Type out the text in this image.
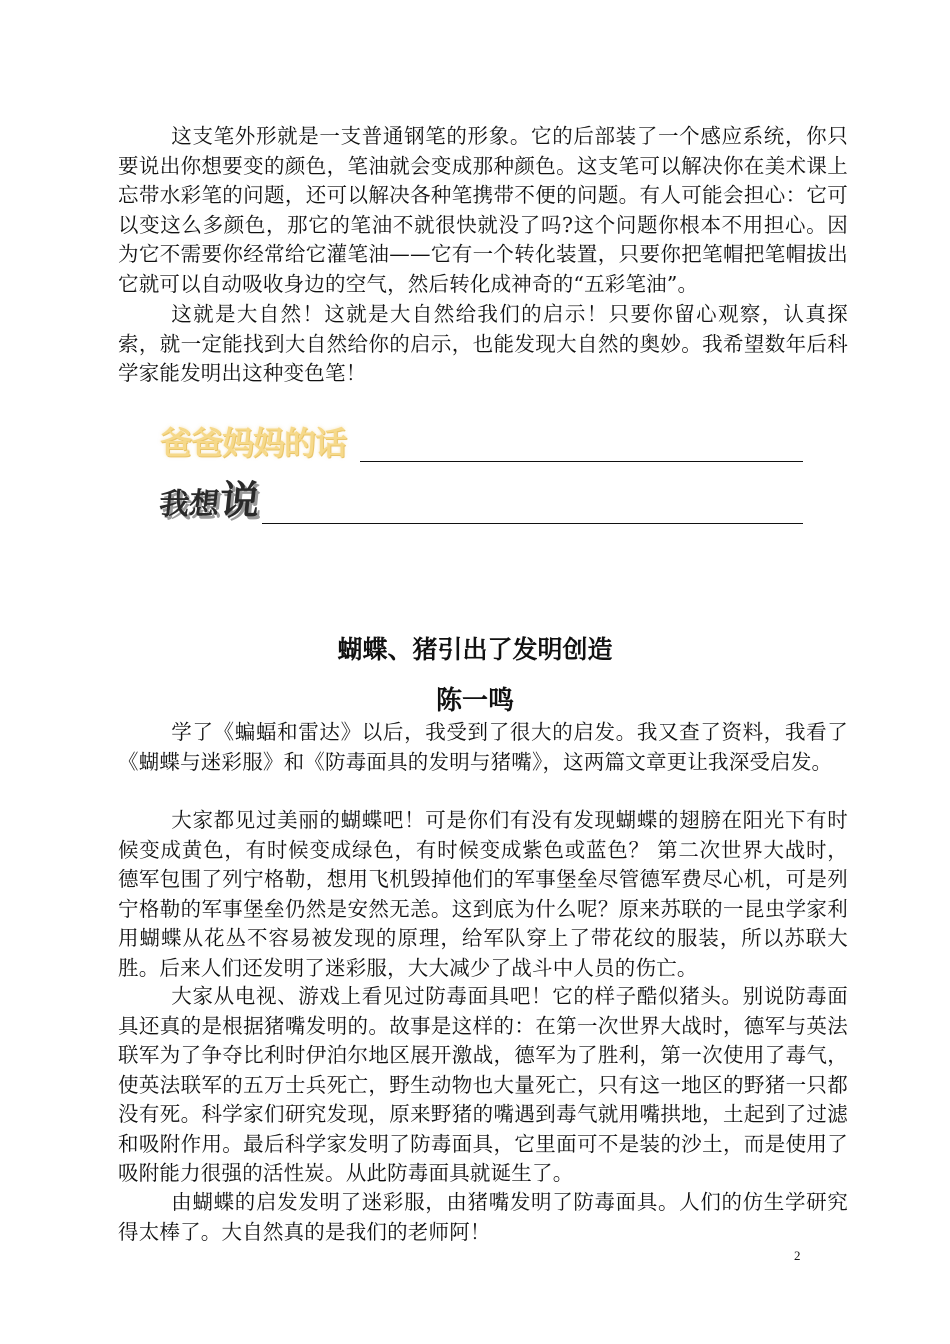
这支笔外形就是一支普通钢笔的形象。它的后部装了一个感应系统，你只要说出你想要变的颜色，笔油就会变成那种颜色。这支笔可以解决你在美术课上忘带水彩笔的问题，还可以解决各种笔携带不便的问题。有人可能会担心：它可以变这么多颜色，那它的笔油不就很快就没了吗?这个问题你根本不用担心。因为它不需要你经常给它灌笔油——它有一个转化装置，只要你把笔帽把笔帽拔出它就可以自动吸收身边的空气，然后转化成神奇的“五彩笔油”。

这就是大自然！这就是大自然给我们的启示！只要你留心观察，认真探索，就一定能找到大自然给你的启示，也能发现大自然的奥妙。我希望数年后科学家能发明出这种变色笔！

爸爸妈妈的话
我想说
蝴蝶、猪引出了发明创造
陈一鸣

学了《蝙蝠和雷达》以后，我受到了很大的启发。我又查了资料，我看了《蝴蝶与迷彩服》和《防毒面具的发明与猪嘴》，这两篇文章更让我深受启发。

大家都见过美丽的蝴蝶吧！可是你们有没有发现蝴蝶的翅膀在阳光下有时候变成黄色，有时候变成绿色，有时候变成紫色或蓝色？ 第二次世界大战时，德军包围了列宁格勒，想用飞机毁掉他们的军事堡垒尽管德军费尽心机，可是列宁格勒的军事堡垒仍然是安然无恙。这到底为什么呢？原来苏联的一昆虫学家利用蝴蝶从花丛不容易被发现的原理，给军队穿上了带花纹的服装，所以苏联大胜。后来人们还发明了迷彩服，大大减少了战斗中人员的伤亡。

大家从电视、游戏上看见过防毒面具吧！它的样子酷似猪头。别说防毒面具还真的是根据猪嘴发明的。故事是这样的：在第一次世界大战时，德军与英法联军为了争夺比利时伊泊尔地区展开激战，德军为了胜利，第一次使用了毒气，使英法联军的五万士兵死亡，野生动物也大量死亡，只有这一地区的野猪一只都没有死。科学家们研究发现，原来野猪的嘴遇到毒气就用嘴拱地，土起到了过滤和吸附作用。最后科学家发明了防毒面具，它里面可不是装的沙土，而是使用了吸附能力很强的活性炭。从此防毒面具就诞生了。

由蝴蝶的启发发明了迷彩服，由猪嘴发明了防毒面具。人们的仿生学研究得太棒了。大自然真的是我们的老师阿！

2
